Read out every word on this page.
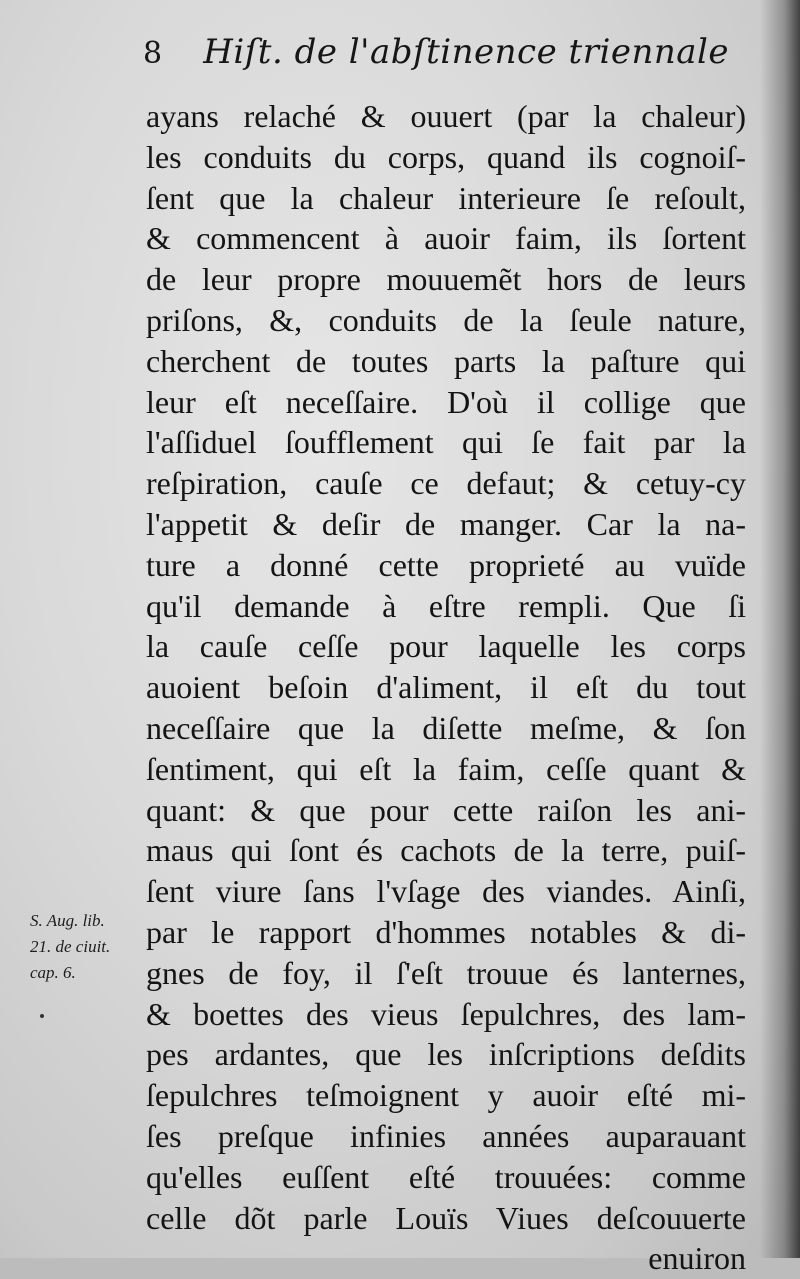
8 Hiſt. de l'abſtinence triennale
ayans relaché & ouuert (par la chaleur)
les conduits du corps, quand ils cognoiſ-
ſent que la chaleur interieure ſe reſoult,
& commencent à auoir faim, ils ſortent
de leur propre mouuemẽt hors de leurs
priſons, &, conduits de la ſeule nature,
cherchent de toutes parts la paſture qui
leur eſt neceſſaire. D'où il collige que
l'aſſiduel ſoufflement qui ſe fait par la
reſpiration, cauſe ce defaut; & cetuy-cy
l'appetit & deſir de manger. Car la na-
ture a donné cette proprieté au vuïde
qu'il demande à eſtre rempli. Que ſi
la cauſe ceſſe pour laquelle les corps
auoient beſoin d'aliment, il eſt du tout
neceſſaire que la diſette meſme, & ſon
ſentiment, qui eſt la faim, ceſſe quant &
quant: & que pour cette raiſon les ani-
maus qui ſont és cachots de la terre, puiſ-
ſent viure ſans l'vſage des viandes. Ainſi,
par le rapport d'hommes notables & di-
gnes de foy, il ſ'eſt trouue és lanternes,
& boettes des vieus ſepulchres, des lam-
pes ardantes, que les inſcriptions deſdits
ſepulchres teſmoignent y auoir eſté mi-
ſes preſque infinies années auparauant
qu'elles euſſent eſté trouuées: comme
celle dõt parle Louïs Viues deſcouuerte
enuiron
S. Aug. lib.
21. de ciuit.
cap. 6.
